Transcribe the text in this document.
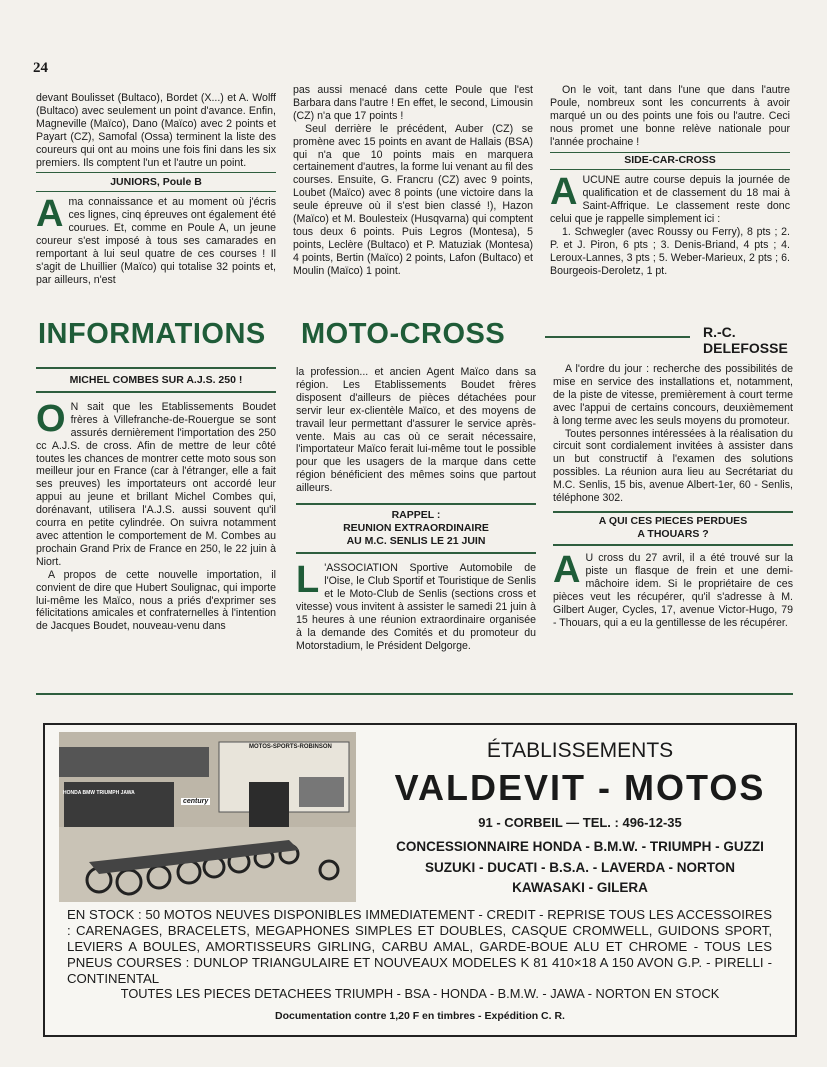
24

devant Boulisset (Bultaco), Bordet (X...) et A. Wolff (Bultaco) avec seulement un point d'avance. Enfin, Magneville (Maïco), Dano (Maïco) avec 2 points et Payart (CZ), Samofal (Ossa) terminent la liste des coureurs qui ont au moins une fois fini dans les six premiers. Ils comptent l'un et l'autre un point.

JUNIORS, Poule B

Ama connaissance et au moment où j'écris ces lignes, cinq épreuves ont également été courues. Et, comme en Poule A, un jeune coureur s'est imposé à tous ses camarades en remportant à lui seul quatre de ces courses ! Il s'agit de Lhuillier (Maïco) qui totalise 32 points et, par ailleurs, n'est

pas aussi menacé dans cette Poule que l'est Barbara dans l'autre ! En effet, le second, Limousin (CZ) n'a que 17 points !

Seul derrière le précédent, Auber (CZ) se promène avec 15 points en avant de Hallais (BSA) qui n'a que 10 points mais en marquera certainement d'autres, la forme lui venant au fil des courses. Ensuite, G. Francru (CZ) avec 9 points, Loubet (Maïco) avec 8 points (une victoire dans la seule épreuve où il s'est bien classé !), Hazon (Maïco) et M. Boulesteix (Husqvarna) qui comptent tous deux 6 points. Puis Legros (Montesa), 5 points, Leclère (Bultaco) et P. Matuziak (Montesa) 4 points, Bertin (Maïco) 2 points, Lafon (Bultaco) et Moulin (Maïco) 1 point.

On le voit, tant dans l'une que dans l'autre Poule, nombreux sont les concurrents à avoir marqué un ou des points une fois ou l'autre. Ceci nous promet une bonne relève nationale pour l'année prochaine !

SIDE-CAR-CROSS

AUCUNE autre course depuis la journée de qualification et de classement du 18 mai à Saint-Affrique. Le classement reste donc celui que je rappelle simplement ici :

1. Schwegler (avec Roussy ou Ferry), 8 pts ; 2. P. et J. Piron, 6 pts ; 3. Denis-Briand, 4 pts ; 4. Leroux-Lannes, 3 pts ; 5. Weber-Marieux, 2 pts ; 6. Bourgeois-Deroletz, 1 pt.

INFORMATIONS MOTO-CROSS	R.-C. DELEFOSSE
MICHEL COMBES SUR A.J.S. 250 !

O N sait que les Etablissements Boudet frères à Villefranche-de-Rouergue se sont assurés dernièrement l'importation des 250 cc A.J.S. de cross. Afin de mettre de leur côté toutes les chances de montrer cette moto sous son meilleur jour en France (car à l'étranger, elle a fait ses preuves) les importateurs ont accordé leur appui au jeune et brillant Michel Combes qui, dorénavant, utilisera l'A.J.S. aussi souvent qu'il courra en petite cylindrée. On suivra notamment avec attention le comportement de M. Combes au prochain Grand Prix de France en 250, le 22 juin à Niort.

A propos de cette nouvelle importation, il convient de dire que Hubert Soulignac, qui importe lui-même les Maïco, nous a priés d'exprimer ses félicitations amicales et confraternelles à l'intention de Jacques Boudet, nouveau-venu dans

la profession... et ancien Agent Maïco dans sa région. Les Etablissements Boudet frères disposent d'ailleurs de pièces détachées pour servir leur ex-clientèle Maïco, et des moyens de travail leur permettant d'assurer le service après-vente. Mais au cas où ce serait nécessaire, l'importateur Maïco ferait lui-même tout le possible pour que les usagers de la marque dans cette région bénéficient des mêmes soins que partout ailleurs.

RAPPEL :
REUNION EXTRAORDINAIRE
AU M.C. SENLIS LE 21 JUIN

L 'ASSOCIATION Sportive Automobile de l'Oise, le Club Sportif et Touristique de Senlis et le Moto-Club de Senlis (sections cross et vitesse) vous invitent à assister le samedi 21 juin à 15 heures à une réunion extraordinaire organisée à la demande des Comités et du promoteur du Motorstadium, le Président Delgorge.

A l'ordre du jour : recherche des possibilités de mise en service des installations et, notamment, de la piste de vitesse, premièrement à court terme avec l'appui de certains concours, deuxièmement à long terme avec les seuls moyens du promoteur.

Toutes personnes intéressées à la réalisation du circuit sont cordialement invitées à assister dans un but constructif à l'examen des solutions possibles. La réunion aura lieu au Secrétariat du M.C. Senlis, 15 bis, avenue Albert-1er, 60 - Senlis, téléphone 302.

A QUI CES PIECES PERDUES
A THOUARS ?

A U cross du 27 avril, il a été trouvé sur la piste un flasque de frein et une demi-mâchoire idem. Si le propriétaire de ces pièces veut les récupérer, qu'il s'adresse à M. Gilbert Auger, Cycles, 17, avenue Victor-Hugo, 79 - Thouars, qui a eu la gentillesse de les récupérer.

MOTOS-SPORTS-ROBINSON
HONDA BMW TRIUMPH JAWA
century
ÉTABLISSEMENTS
VALDEVIT - MOTOS
91 - CORBEIL — TEL. : 496-12-35
CONCESSIONNAIRE HONDA - B.M.W. - TRIUMPH - GUZZI
SUZUKI - DUCATI - B.S.A. - LAVERDA - NORTON
KAWASAKI - GILERA
EN STOCK : 50 MOTOS NEUVES DISPONIBLES IMMEDIATEMENT - CREDIT - REPRISE TOUS LES ACCESSOIRES : CARENAGES, BRACELETS, MEGAPHONES SIMPLES ET DOUBLES, CASQUE CROMWELL, GUIDONS SPORT, LEVIERS A BOULES, AMORTISSEURS GIRLING, CARBU AMAL, GARDE-BOUE ALU ET CHROME - TOUS LES PNEUS COURSES : DUNLOP TRIANGULAIRE ET NOUVEAUX MODELES K 81 410×18 A 150 AVON G.P. - PIRELLI - CONTINENTAL
TOUTES LES PIECES DETACHEES TRIUMPH - BSA - HONDA - B.M.W. - JAWA - NORTON EN STOCK
Documentation contre 1,20 F en timbres - Expédition C. R.
